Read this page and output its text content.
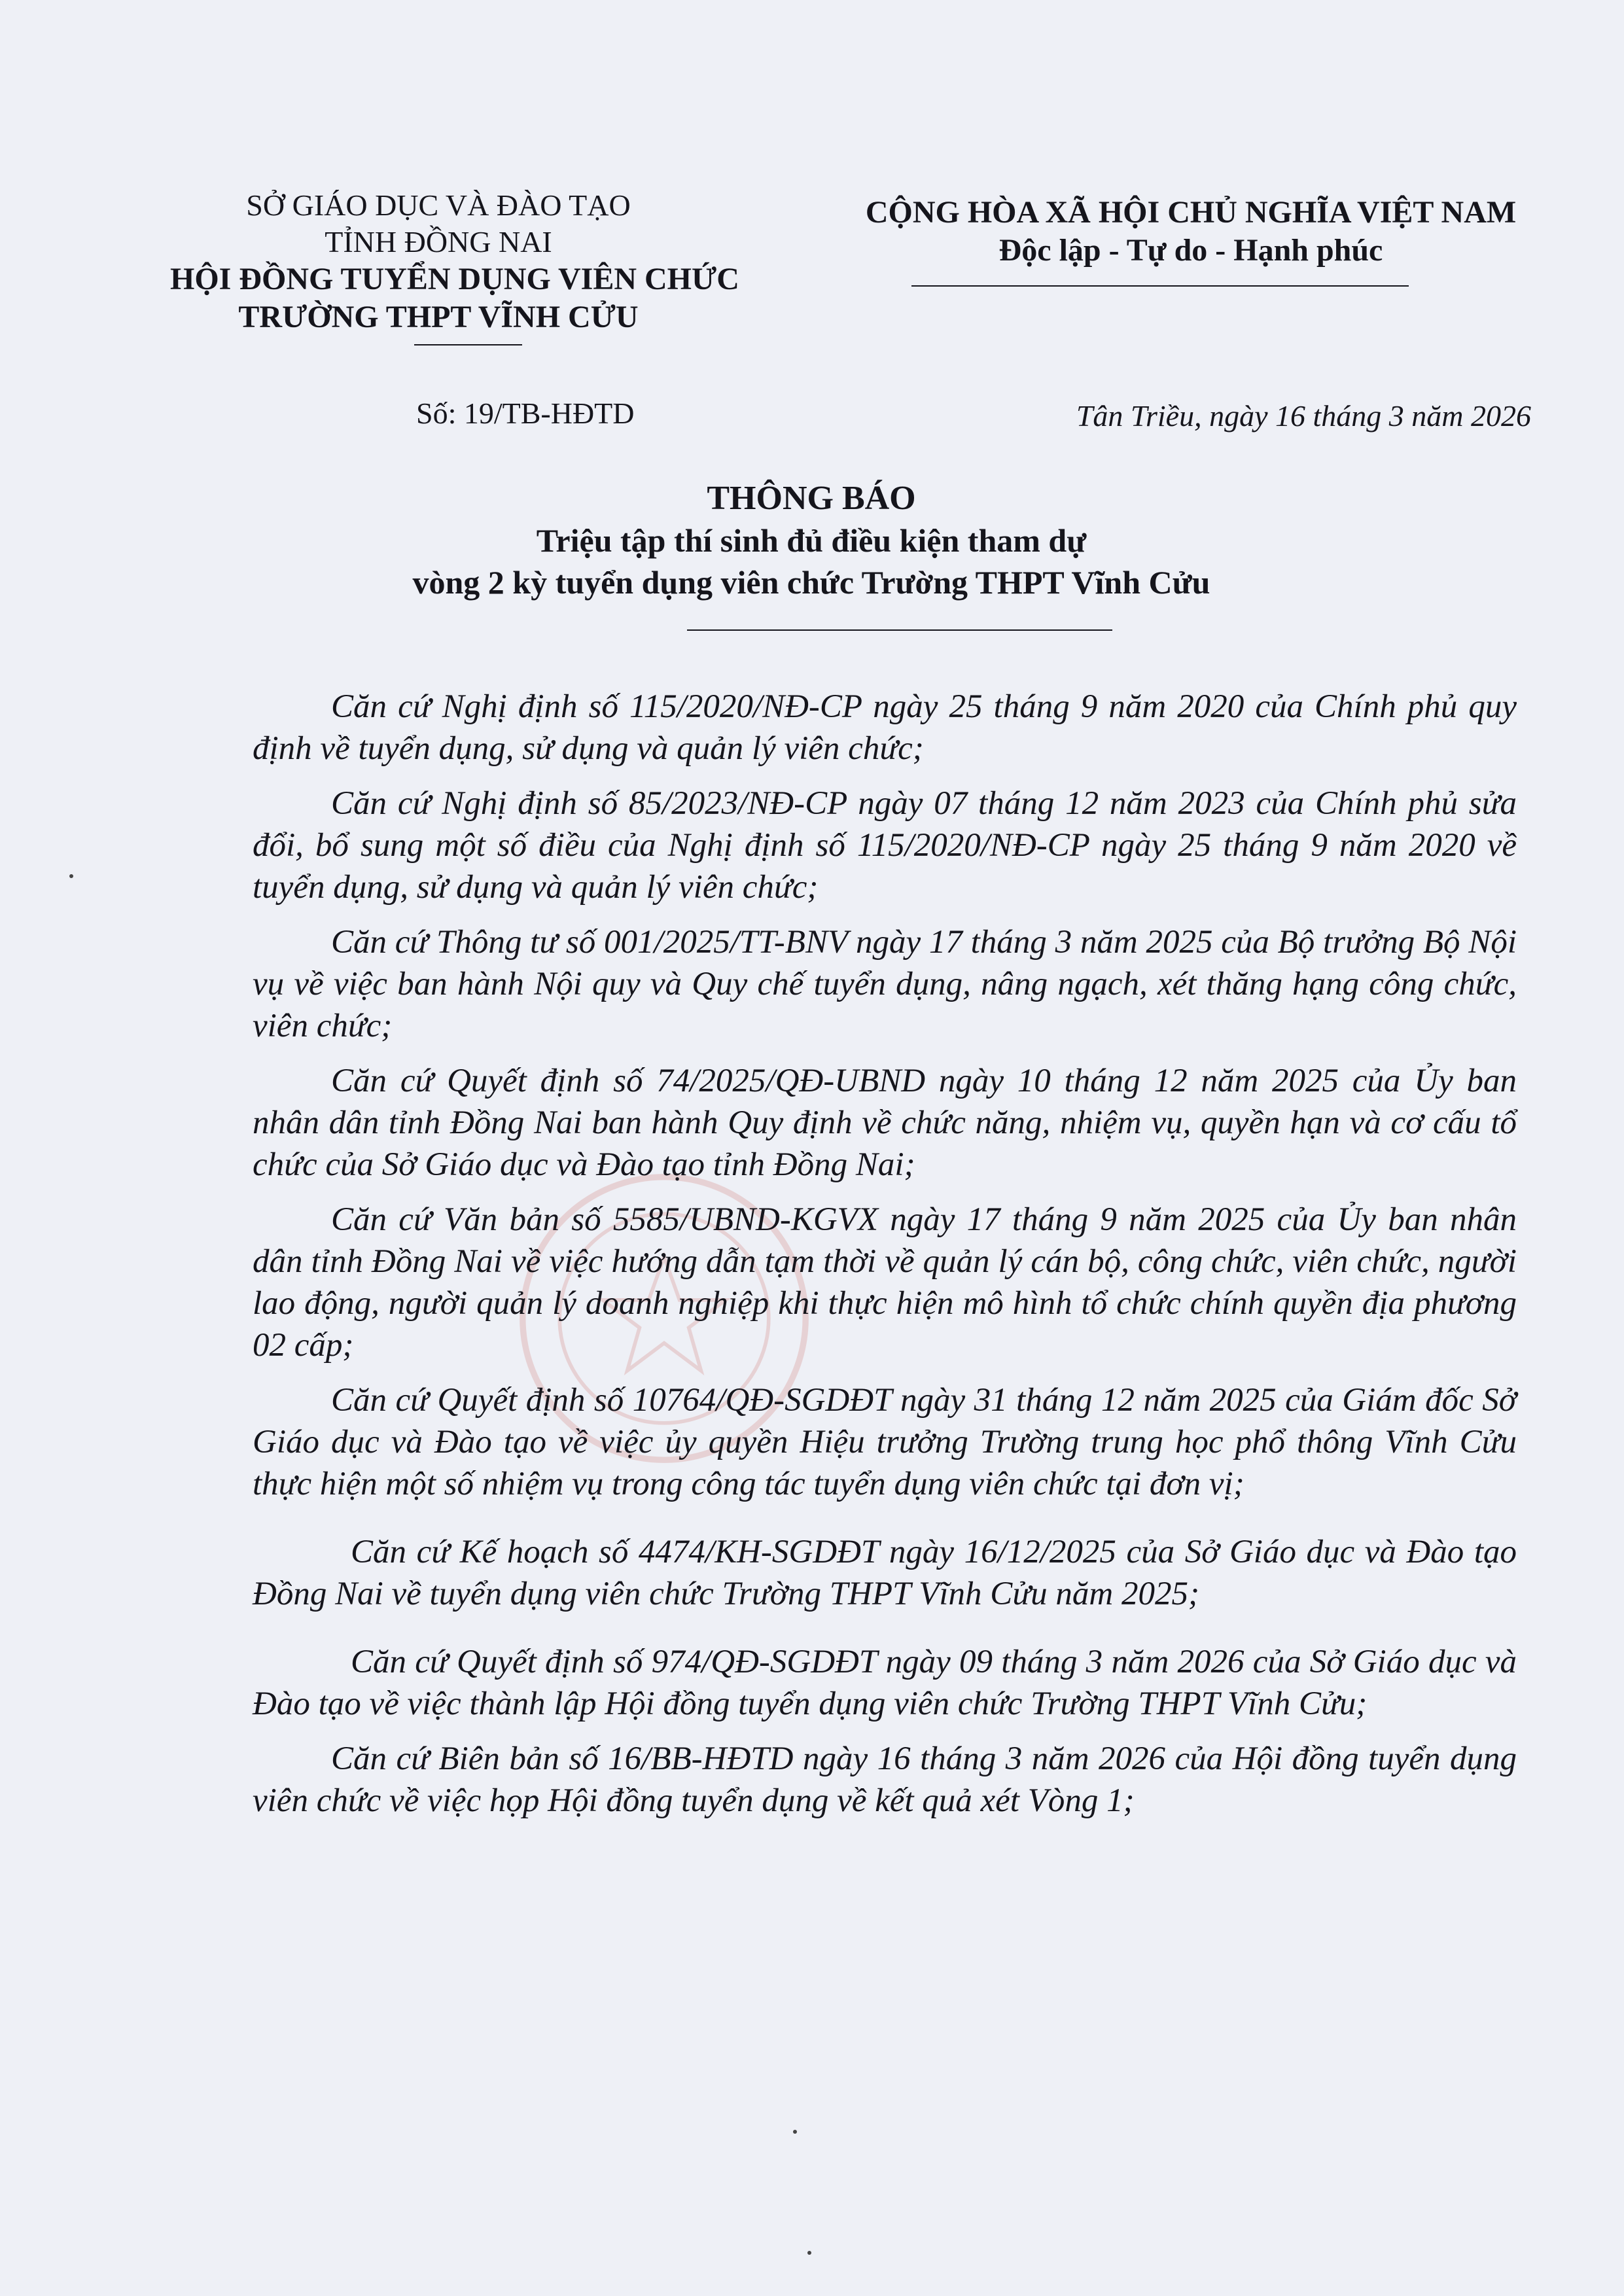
SỞ GIÁO DỤC VÀ ĐÀO TẠO
TỈNH ĐỒNG NAI
HỘI ĐỒNG TUYỂN DỤNG VIÊN CHỨC
TRƯỜNG THPT VĨNH CỬU
CỘNG HÒA XÃ HỘI CHỦ NGHĨA VIỆT NAM
Độc lập - Tự do - Hạnh phúc
Số: 19/TB-HĐTD	Tân Triều, ngày 16 tháng 3 năm 2026
THÔNG BÁO
Triệu tập thí sinh đủ điều kiện tham dự
vòng 2 kỳ tuyển dụng viên chức Trường THPT Vĩnh Cửu

Căn cứ Nghị định số 115/2020/NĐ-CP ngày 25 tháng 9 năm 2020 của Chính phủ quy định về tuyển dụng, sử dụng và quản lý viên chức;

Căn cứ Nghị định số 85/2023/NĐ-CP ngày 07 tháng 12 năm 2023 của Chính phủ sửa đổi, bổ sung một số điều của Nghị định số 115/2020/NĐ-CP ngày 25 tháng 9 năm 2020 về tuyển dụng, sử dụng và quản lý viên chức;

Căn cứ Thông tư số 001/2025/TT-BNV ngày 17 tháng 3 năm 2025 của Bộ trưởng Bộ Nội vụ về việc ban hành Nội quy và Quy chế tuyển dụng, nâng ngạch, xét thăng hạng công chức, viên chức;

Căn cứ Quyết định số 74/2025/QĐ-UBND ngày 10 tháng 12 năm 2025 của Ủy ban nhân dân tỉnh Đồng Nai ban hành Quy định về chức năng, nhiệm vụ, quyền hạn và cơ cấu tổ chức của Sở Giáo dục và Đào tạo tỉnh Đồng Nai;

Căn cứ Văn bản số 5585/UBND-KGVX ngày 17 tháng 9 năm 2025 của Ủy ban nhân dân tỉnh Đồng Nai về việc hướng dẫn tạm thời về quản lý cán bộ, công chức, viên chức, người lao động, người quản lý doanh nghiệp khi thực hiện mô hình tổ chức chính quyền địa phương 02 cấp;

Căn cứ Quyết định số 10764/QĐ-SGDĐT ngày 31 tháng 12 năm 2025 của Giám đốc Sở Giáo dục và Đào tạo về việc ủy quyền Hiệu trưởng Trường trung học phổ thông Vĩnh Cửu thực hiện một số nhiệm vụ trong công tác tuyển dụng viên chức tại đơn vị;

Căn cứ Kế hoạch số 4474/KH-SGDĐT ngày 16/12/2025 của Sở Giáo dục và Đào tạo Đồng Nai về tuyển dụng viên chức Trường THPT Vĩnh Cửu năm 2025;

Căn cứ Quyết định số 974/QĐ-SGDĐT ngày 09 tháng 3 năm 2026 của Sở Giáo dục và Đào tạo về việc thành lập Hội đồng tuyển dụng viên chức Trường THPT Vĩnh Cửu;

Căn cứ Biên bản số 16/BB-HĐTD ngày 16 tháng 3 năm 2026 của Hội đồng tuyển dụng viên chức về việc họp Hội đồng tuyển dụng về kết quả xét Vòng 1;
